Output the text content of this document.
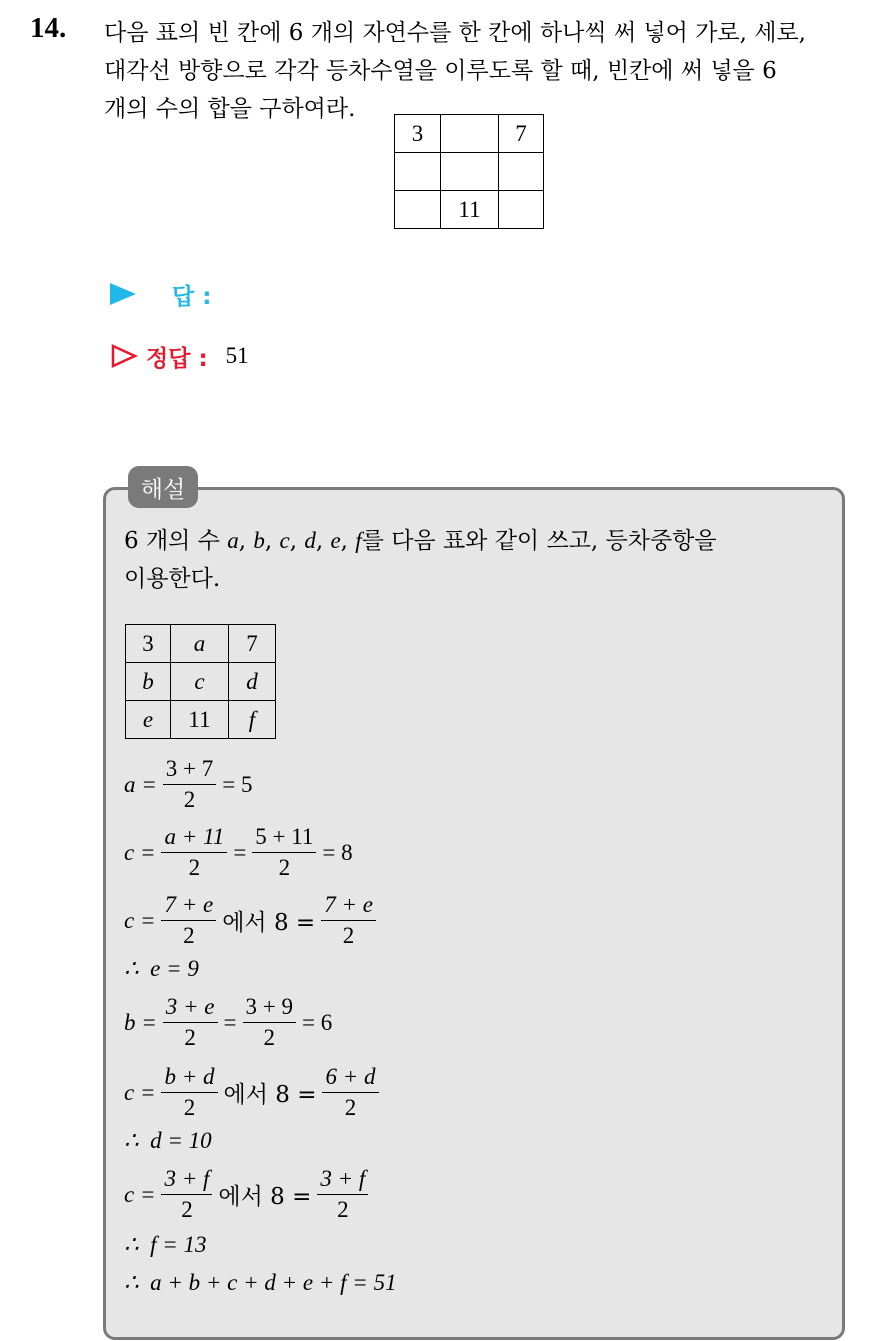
14. 다음 표의 빈 칸에 6 개의 자연수를 한 칸에 하나씩 써 넣어 가로, 세로,
대각선 방향으로 각각 등차수열을 이루도록 할 때, 빈칸에 써 넣을 6
개의 수의 합을 구하여라.

3		7

	11	
답 :
정답 : 51
해설

6 개의 수 a, b, c, d, e, f를 다음 표와 같이 쓰고, 등차중항을
이용한다.

3	a	7
b	c	d
e	11	f
$a = \frac{3 + 7}{2} = 5$
$c = \frac{a + 11}{2} = \frac{5 + 11}{2} = 8$
$c = \frac{7 + e}{2}$ 에서 $8 = \frac{7 + e}{2}$
∴  e = 9
$b = \frac{3 + e}{2} = \frac{3 + 9}{2} = 6$
$c = \frac{b + d}{2}$ 에서 $8 = \frac{6 + d}{2}$
∴  d = 10
$c = \frac{3 + f}{2}$ 에서 $8 = \frac{3 + f}{2}$
∴  f = 13
∴  a + b + c + d + e + f = 51
